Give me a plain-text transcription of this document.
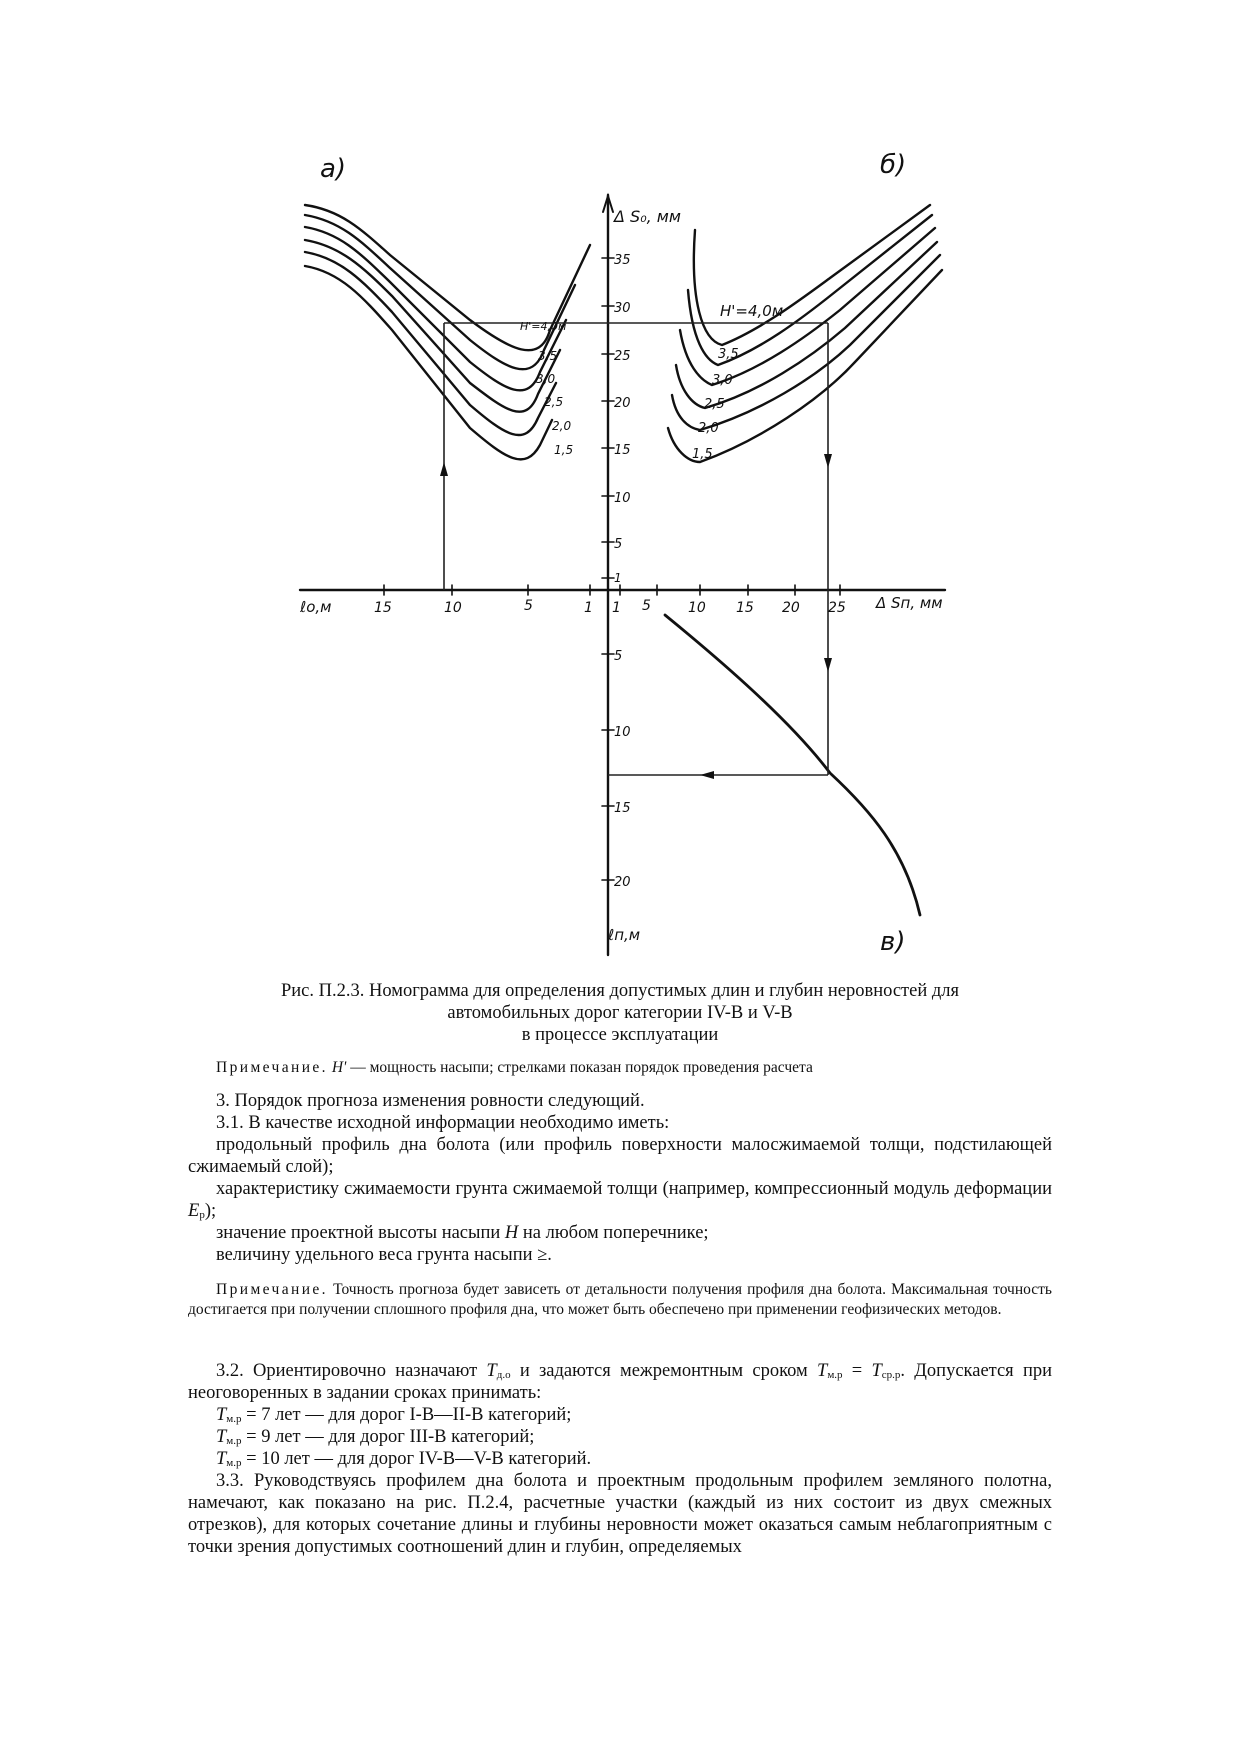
а)	б)
в)
Δ S₀, мм
ℓп,м
ℓо,м	Δ Sп, мм
35
30
25
20
15
10
5
1
5
10
15
20
15	10	5	1 1 5	10 15 20 25
H'=4,0м
3,5
3,0
2,5
2,0
1,5
H'=4,0м
3,5
3,0
2,5
2,0
1,5
Рис. П.2.3. Номограмма для определения допустимых длин и глубин неровностей для
автомобильных дорог категории IV-В и V-В
в процессе эксплуатации
Примечание. H' — мощность насыпи; стрелками показан порядок проведения расчета

3. Порядок прогноза изменения ровности следующий.

3.1. В качестве исходной информации необходимо иметь:

продольный профиль дна болота (или профиль поверхности малосжимаемой толщи, подстилающей сжимаемый слой);

характеристику сжимаемости грунта сжимаемой толщи (например, компрессионный модуль деформации $E_р$);

значение проектной высоты насыпи H на любом поперечнике;

величину удельного веса грунта насыпи ≥.

Примечание. Точность прогноза будет зависеть от детальности получения профиля дна болота. Максимальная точность достигается при получении сплошного профиля дна, что может быть обеспечено при применении геофизических методов.

3.2. Ориентировочно назначают $T_{д.о}$ и задаются межремонтным сроком $T_{м.р} = T_{ср.р}$. Допускается при неоговоренных в задании сроках принимать:

$T_{м.р} = 7$ лет — для дорог I-В—II-В категорий;

$T_{м.р} = 9$ лет — для дорог III-В категорий;

$T_{м.р} = 10$ лет — для дорог IV-В—V-В категорий.

3.3. Руководствуясь профилем дна болота и проектным продольным профилем земляного полотна, намечают, как показано на рис. П.2.4, расчетные участки (каждый из них состоит из двух смежных отрезков), для которых сочетание длины и глубины неровности может оказаться самым неблагоприятным с точки зрения допустимых соотношений длин и глубин, определяемых
